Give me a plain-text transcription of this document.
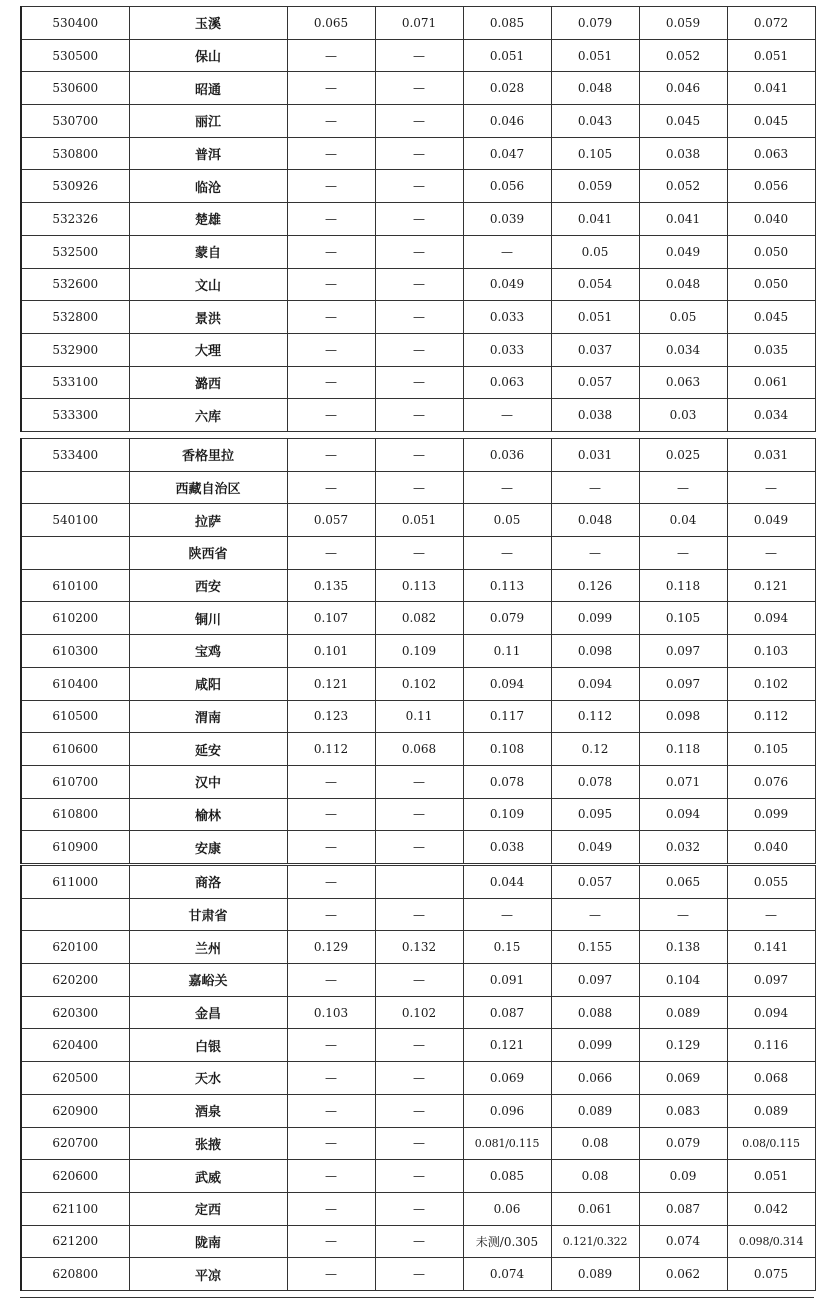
530400	玉溪	0.065	0.071	0.085	0.079	0.059	0.072
530500	保山	—	—	0.051	0.051	0.052	0.051
530600	昭通	—	—	0.028	0.048	0.046	0.041
530700	丽江	—	—	0.046	0.043	0.045	0.045
530800	普洱	—	—	0.047	0.105	0.038	0.063
530926	临沧	—	—	0.056	0.059	0.052	0.056
532326	楚雄	—	—	0.039	0.041	0.041	0.040
532500	蒙自	—	—	—	0.05	0.049	0.050
532600	文山	—	—	0.049	0.054	0.048	0.050
532800	景洪	—	—	0.033	0.051	0.05	0.045
532900	大理	—	—	0.033	0.037	0.034	0.035
533100	潞西	—	—	0.063	0.057	0.063	0.061
533300	六库	—	—	—	0.038	0.03	0.034
533400	香格里拉	—	—	0.036	0.031	0.025	0.031
	西藏自治区	—	—	—	—	—	—
540100	拉萨	0.057	0.051	0.05	0.048	0.04	0.049
	陕西省	—	—	—	—	—	—
610100	西安	0.135	0.113	0.113	0.126	0.118	0.121
610200	铜川	0.107	0.082	0.079	0.099	0.105	0.094
610300	宝鸡	0.101	0.109	0.11	0.098	0.097	0.103
610400	咸阳	0.121	0.102	0.094	0.094	0.097	0.102
610500	渭南	0.123	0.11	0.117	0.112	0.098	0.112
610600	延安	0.112	0.068	0.108	0.12	0.118	0.105
610700	汉中	—	—	0.078	0.078	0.071	0.076
610800	榆林	—	—	0.109	0.095	0.094	0.099
610900	安康	—	—	0.038	0.049	0.032	0.040
611000	商洛	—		0.044	0.057	0.065	0.055
	甘肃省	—	—	—	—	—	—
620100	兰州	0.129	0.132	0.15	0.155	0.138	0.141
620200	嘉峪关	—	—	0.091	0.097	0.104	0.097
620300	金昌	0.103	0.102	0.087	0.088	0.089	0.094
620400	白银	—	—	0.121	0.099	0.129	0.116
620500	天水	—	—	0.069	0.066	0.069	0.068
620900	酒泉	—	—	0.096	0.089	0.083	0.089
620700	张掖	—	—	0.081/0.115	0.08	0.079	0.08/0.115
620600	武威	—	—	0.085	0.08	0.09	0.051
621100	定西	—	—	0.06	0.061	0.087	0.042
621200	陇南	—	—	未测/0.305	0.121/0.322	0.074	0.098/0.314
620800	平凉	—	—	0.074	0.089	0.062	0.075
